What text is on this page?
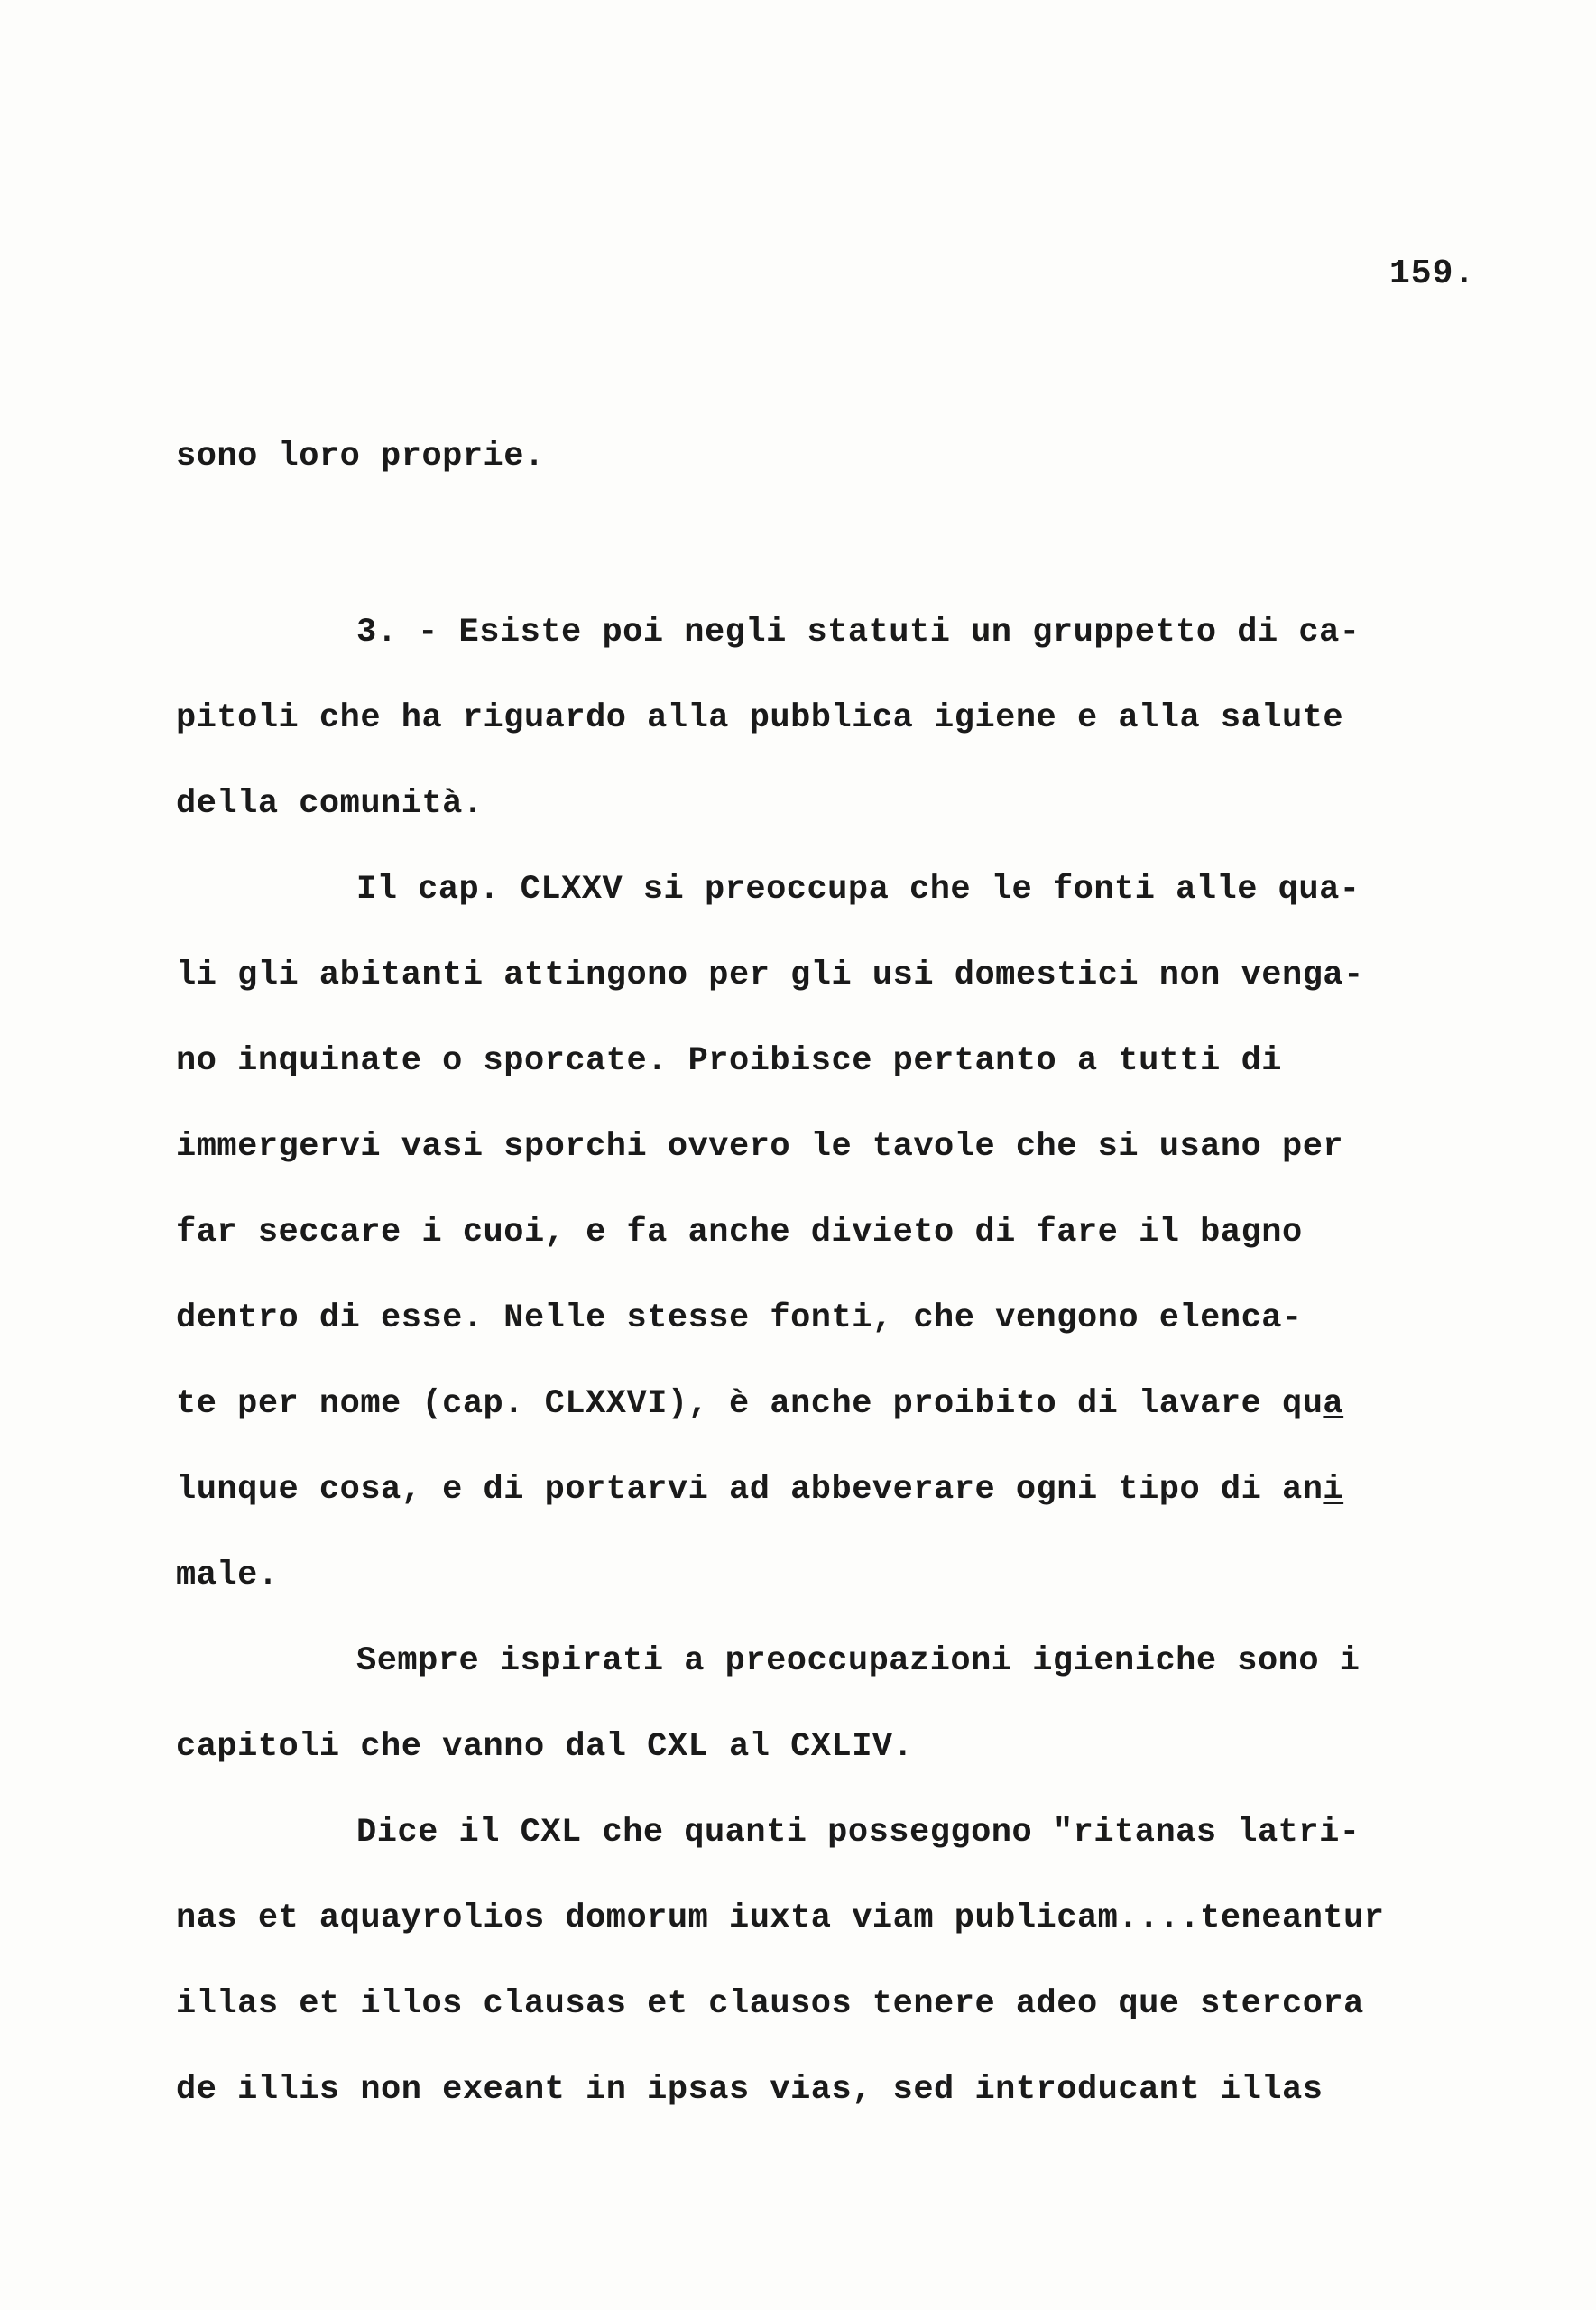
159.
sono loro proprie.
3. - Esiste poi negli statuti un gruppetto di ca-
pitoli che ha riguardo alla pubblica igiene e alla salute
della comunità.
Il cap. CLXXV si preoccupa che le fonti alle qua-
li gli abitanti attingono per gli usi domestici non venga-
no inquinate o sporcate. Proibisce pertanto a tutti di
immergervi vasi sporchi ovvero le tavole che si usano per
far seccare i cuoi, e fa anche divieto di fare il bagno
dentro di esse. Nelle stesse fonti, che vengono elenca-
te per nome (cap. CLXXVI), è anche proibito di lavare qua
lunque cosa, e di portarvi ad abbeverare ogni tipo di ani
male.
Sempre ispirati a preoccupazioni igieniche sono i
capitoli che vanno dal CXL al CXLIV.
Dice il CXL che quanti posseggono "ritanas latri-
nas et aquayrolios domorum iuxta viam publicam....teneantur
illas et illos clausas et clausos tenere adeo que stercora
de illis non exeant in ipsas vias, sed introducant illas
